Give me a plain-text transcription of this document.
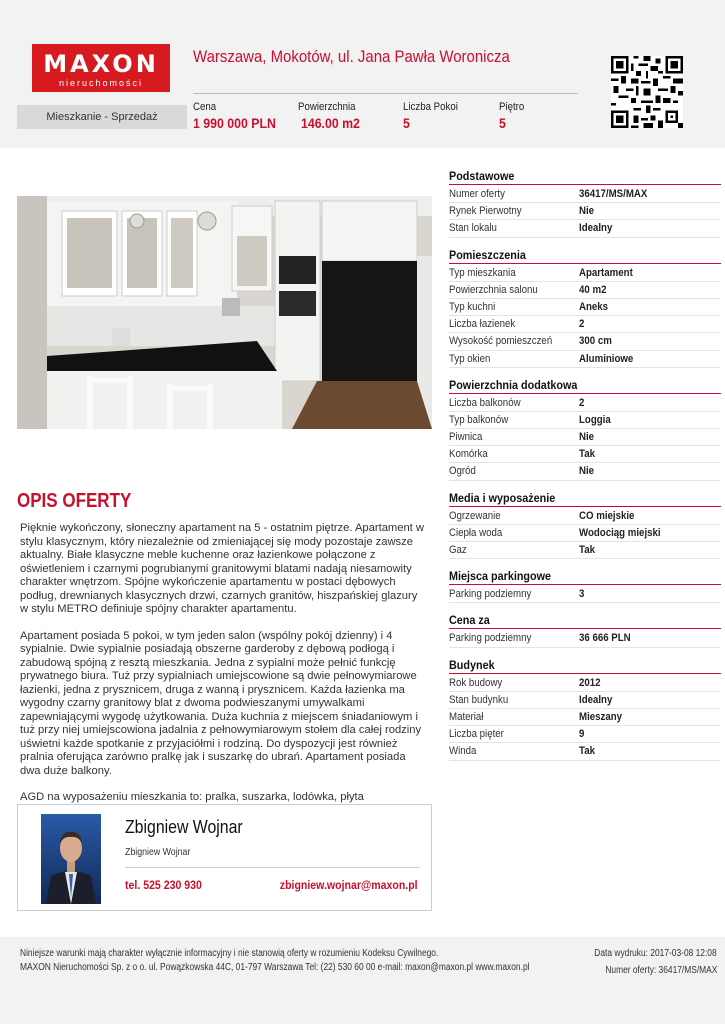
MAXON
nieruchomości
Warszawa, Mokotów, ul. Jana Pawła Woronicza
Mieszkanie - Sprzedaż
Cena
1 990 000 PLN
Powierzchnia
146.00 m2
Liczba Pokoi
5
Piętro
5
OPIS OFERTY

Pięknie wykończony, słoneczny apartament na 5 - ostatnim piętrze. Apartament w stylu klasycznym, który niezależnie od zmieniającej się mody pozostaje zawsze aktualny. Białe klasyczne meble kuchenne oraz łazienkowe połączone z oświetleniem i czarnymi pogrubianymi granitowymi blatami nadają niesamowity charakter wnętrzom. Spójne wykończenie apartamentu w postaci dębowych podług, drewnianych klasycznych drzwi, czarnych granitów, hiszpańskiej glazury w stylu METRO definiuje spójny charakter apartamentu.

Apartament posiada 5 pokoi, w tym jeden salon (wspólny pokój dzienny) i 4 sypialnie. Dwie sypialnie posiadają obszerne garderoby z dębową podłogą i zabudową spójną z resztą mieszkania. Jedna z sypialni może pełnić funkcję prywatnego biura. Tuż przy sypialniach umiejscowione są dwie pełnowymiarowe łazienki, jedna z prysznicem, druga z wanną i prysznicem. Każda łazienka ma wygodny czarny granitowy blat z dwoma podwieszanymi umywalkami zapewniającymi wygodę użytkowania. Duża kuchnia z miejscem śniadaniowym i tuż przy niej umiejscowiona jadalnia z pełnowymiarowym stołem dla całej rodziny uświetni każde spotkanie z przyjaciółmi i rodziną. Do dyspozycji jest również pralnia oferująca zarówno pralkę jak i suszarkę do ubrań. Apartament posiada dwa duże balkony.

AGD na wyposażeniu mieszkania to: pralka, suszarka, lodówka, płyta

Podstawowe
Numer oferty	36417/MS/MAX
Rynek Pierwotny	Nie
Stan lokalu	Idealny
Pomieszczenia
Typ mieszkania	Apartament
Powierzchnia salonu	40 m2
Typ kuchni	Aneks
Liczba łazienek	2
Wysokość pomieszczeń 300 cm
Typ okien	Aluminiowe
Powierzchnia dodatkowa
Liczba balkonów	2
Typ balkonów	Loggia
Piwnica	Nie
Komórka	Tak
Ogród	Nie
Media i wyposażenie
Ogrzewanie	CO miejskie
Ciepła woda	Wodociąg miejski
Gaz	Tak
Miejsca parkingowe
Parking podziemny	3
Cena za
Parking podziemny	36 666 PLN
Budynek
Rok budowy	2012
Stan budynku	Idealny
Materiał	Mieszany
Liczba pięter	9
Winda	Tak
Zbigniew Wojnar
Zbigniew Wojnar
tel. 525 230 930	zbigniew.wojnar@maxon.pl
Niniejsze warunki mają charakter wyłącznie informacyjny i nie stanowią oferty w rozumieniu Kodeksu Cywilnego.
MAXON Nieruchomości Sp. z o o. ul. Powązkowska 44C, 01-797 Warszawa Tel: (22) 530 60 00 e-mail: maxon@maxon.pl www.maxon.pl
Data wydruku: 2017-03-08 12:08
Numer oferty: 36417/MS/MAX
